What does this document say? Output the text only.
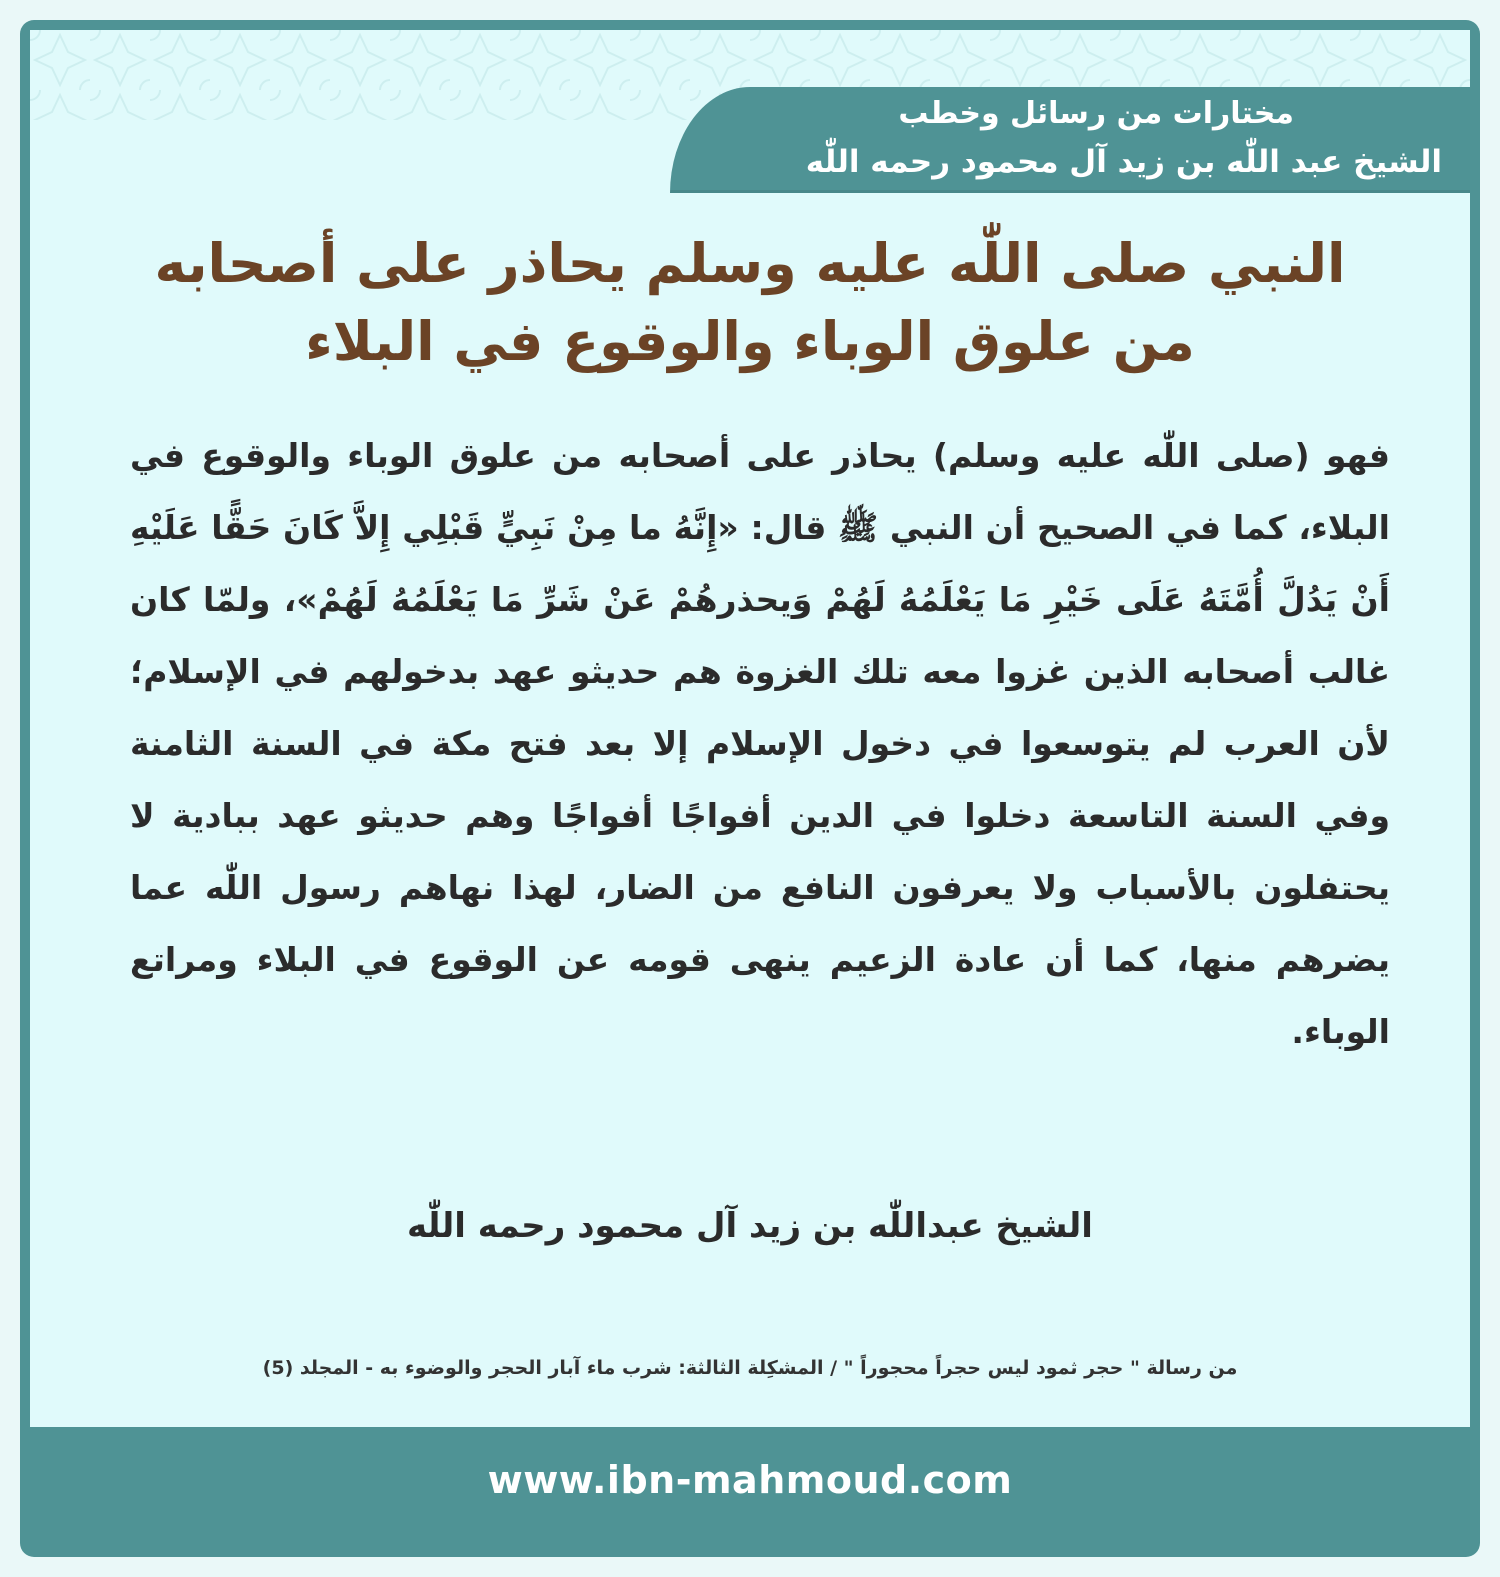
مختارات من رسائل وخطب
الشيخ عبد اللّٰه بن زيد آل محمود رحمه اللّٰه
النبي صلى اللّٰه عليه وسلم يحاذر على أصحابه
من علوق الوباء والوقوع في البلاء

فهو (صلى اللّٰه عليه وسلم) يحاذر على أصحابه من علوق الوباء والوقوع في البلاء، كما في الصحيح أن النبي ﷺ قال: «إِنَّهُ ما مِنْ نَبِيٍّ قَبْلِي إِلاَّ كَانَ حَقًّا عَلَيْهِ أَنْ يَدُلَّ أُمَّتَهُ عَلَى خَيْرِ مَا يَعْلَمُهُ لَهُمْ وَيحذرهُمْ عَنْ شَرِّ مَا يَعْلَمُهُ لَهُمْ»، ولمّا كان غالب أصحابه الذين غزوا معه تلك الغزوة هم حديثو عهد بدخولهم في الإسلام؛ لأن العرب لم يتوسعوا في دخول الإسلام إلا بعد فتح مكة في السنة الثامنة وفي السنة التاسعة دخلوا في الدين أفواجًا أفواجًا وهم حديثو عهد ببادية لا يحتفلون بالأسباب ولا يعرفون النافع من الضار، لهذا نهاهم رسول اللّٰه عما يضرهم منها، كما أن عادة الزعيم ينهى قومه عن الوقوع في البلاء ومراتع الوباء.

الشيخ عبداللّٰه بن زيد آل محمود رحمه اللّٰه
من رسالة " حجر ثمود ليس حجراً محجوراً " / المشكِلة الثالثة: شرب ماء آبار الحجر والوضوء به - المجلد (5)
www.ibn-mahmoud.com
